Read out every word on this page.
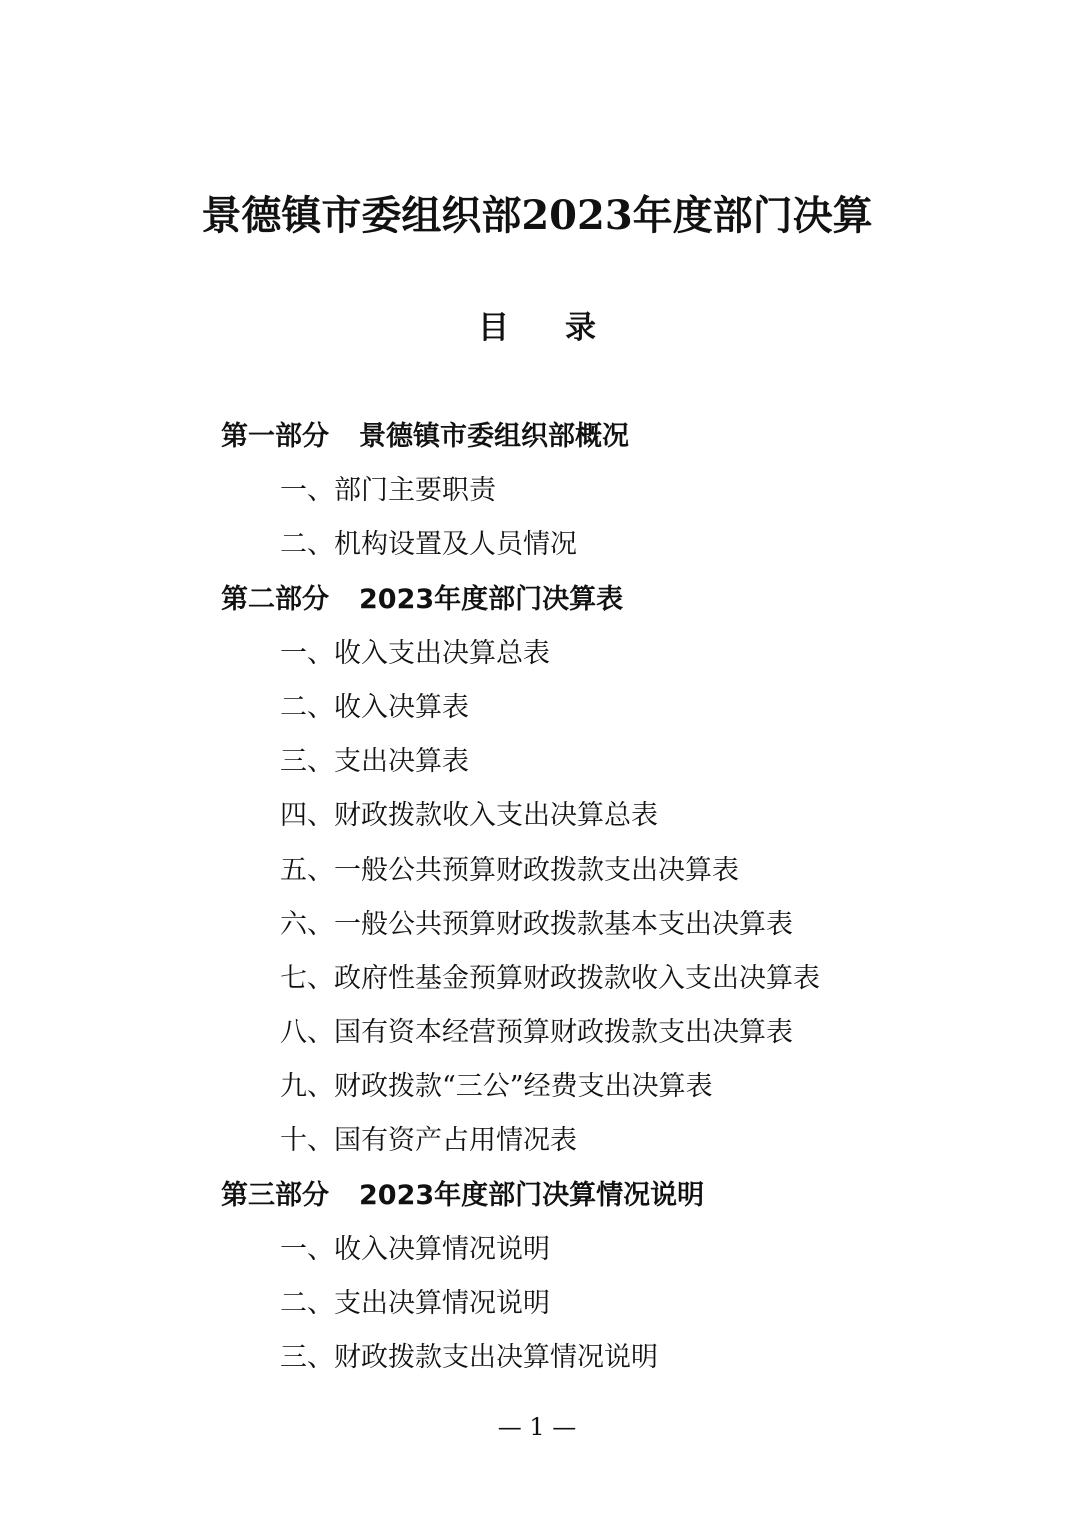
景德镇市委组织部2023年度部门决算
目 录
第一部分 景德镇市委组织部概况
一、部门主要职责
二、机构设置及人员情况
第二部分 2023年度部门决算表
一、收入支出决算总表
二、收入决算表
三、支出决算表
四、财政拨款收入支出决算总表
五、一般公共预算财政拨款支出决算表
六、一般公共预算财政拨款基本支出决算表
七、政府性基金预算财政拨款收入支出决算表
八、国有资本经营预算财政拨款支出决算表
九、财政拨款“三公”经费支出决算表
十、国有资产占用情况表
第三部分 2023年度部门决算情况说明
一、收入决算情况说明
二、支出决算情况说明
三、财政拨款支出决算情况说明

— 1 —
